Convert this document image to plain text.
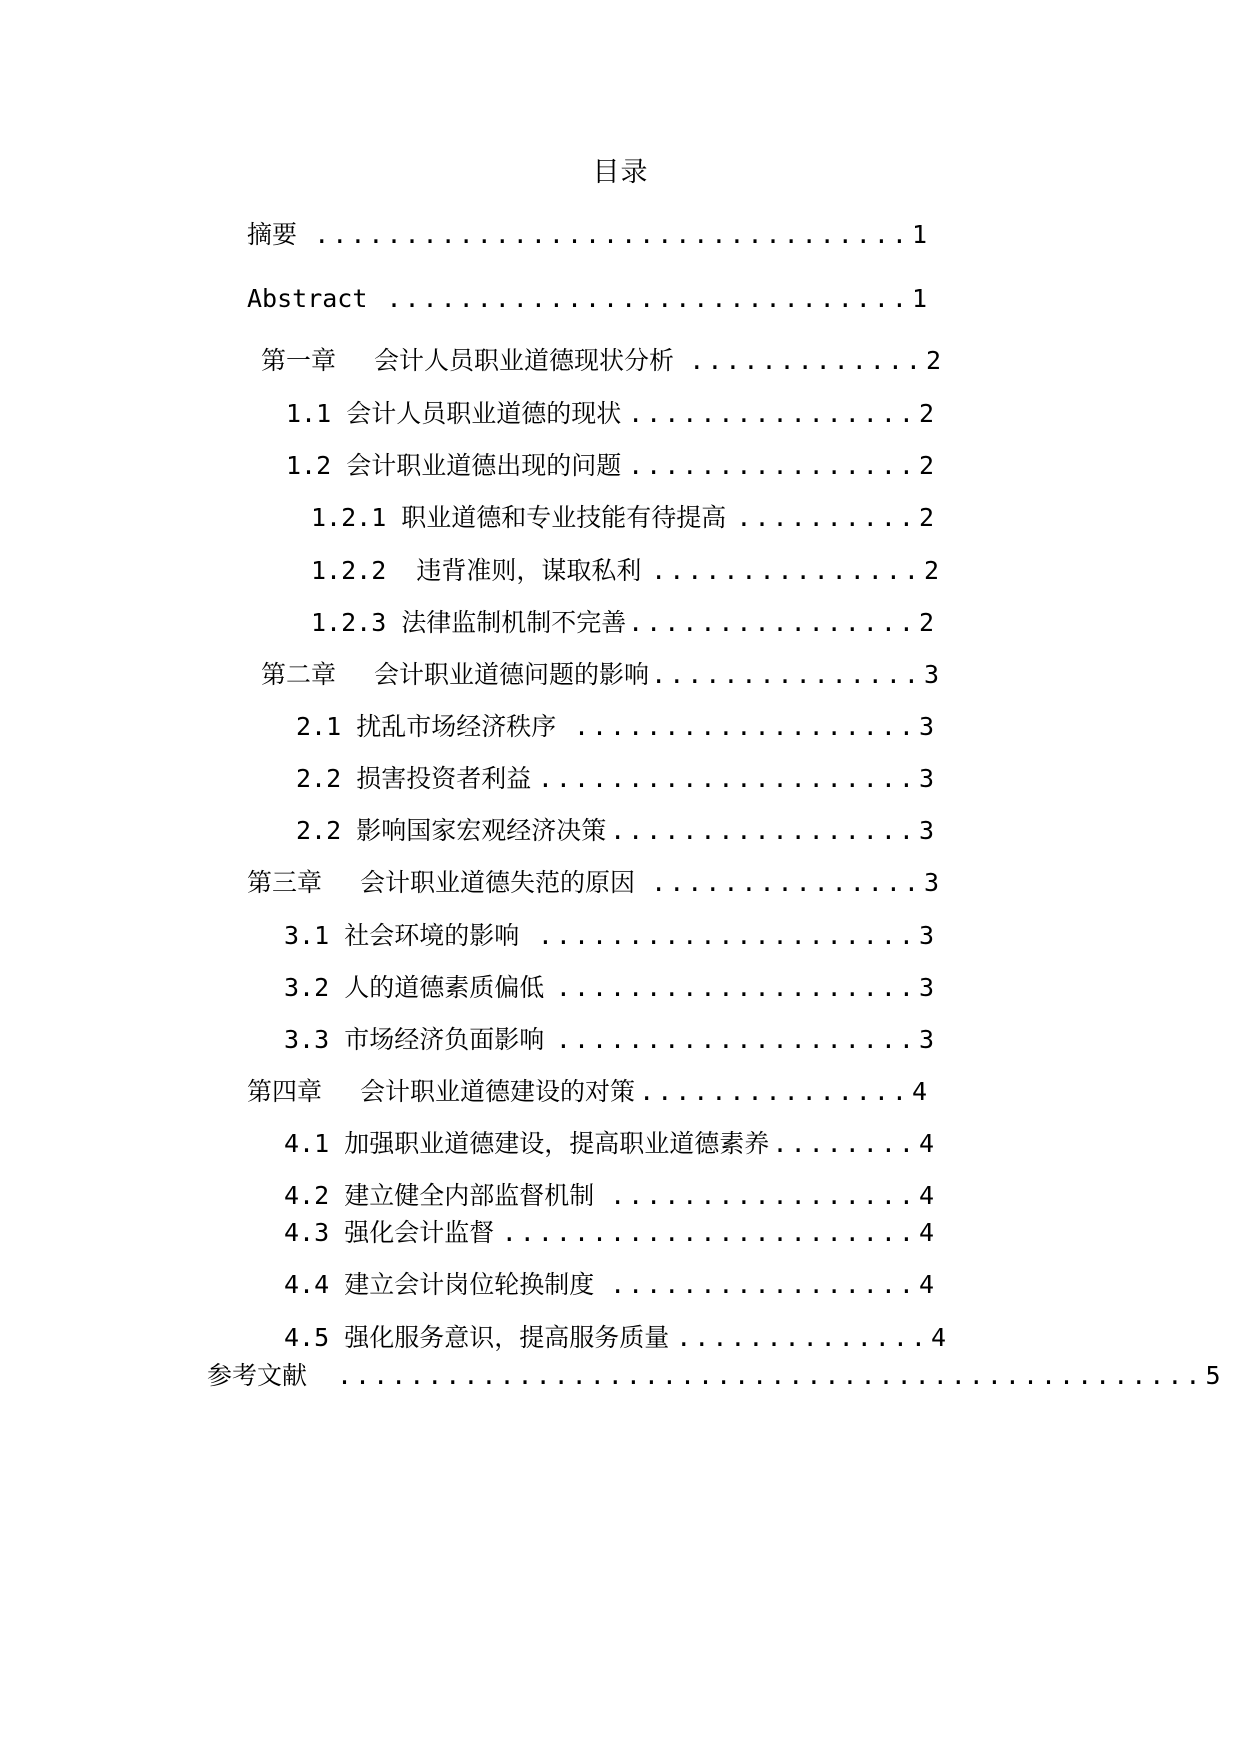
目录
摘要 .................................1
Abstract .............................1
第一章 会计人员职业道德现状分析 .............2
1.1 会计人员职业道德的现状 ................2
1.2 会计职业道德出现的问题 ................2
1.2.1 职业道德和专业技能有待提高 ..........2
1.2.2  违背准则，谋取私利 ...............2
1.2.3 法律监制机制不完善 ................2
第二章 会计职业道德问题的影响 ...............3
2.1 扰乱市场经济秩序 ...................3
2.2 损害投资者利益 .....................3
2.2 影响国家宏观经济决策 .................3
第三章 会计职业道德失范的原因 ...............3
3.1 社会环境的影响 .....................3
3.2 人的道德素质偏低 ....................3
3.3 市场经济负面影响 ....................3
第四章 会计职业道德建设的对策 ...............4
4.1 加强职业道德建设，提高职业道德素养 ........4
4.2 建立健全内部监督机制 .................4
4.3 强化会计监督 .......................4
4.4 建立会计岗位轮换制度 .................4
4.5 强化服务意识，提高服务质量 ..............4
参考文献 ................................................5
